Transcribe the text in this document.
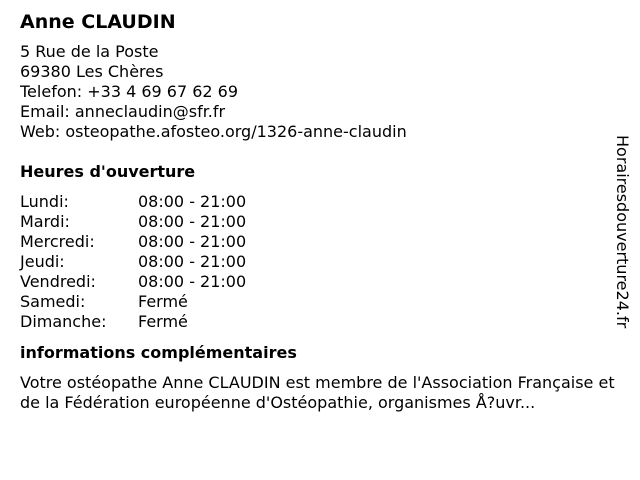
Anne CLAUDIN
5 Rue de la Poste
69380 Les Chères
Telefon: +33 4 69 67 62 69
Email: anneclaudin@sfr.fr
Web: osteopathe.afosteo.org/1326-anne-claudin
Heures d'ouverture
Lundi:	08:00 - 21:00
Mardi:	08:00 - 21:00
Mercredi:	08:00 - 21:00
Jeudi:	08:00 - 21:00
Vendredi:	08:00 - 21:00
Samedi:	Fermé
Dimanche:	Fermé
informations complémentaires
Votre ostéopathe Anne CLAUDIN est membre de l'Association Française et de la Fédération européenne d'Ostéopathie, organismes Å?uvr...
Horairesdouverture24.fr
